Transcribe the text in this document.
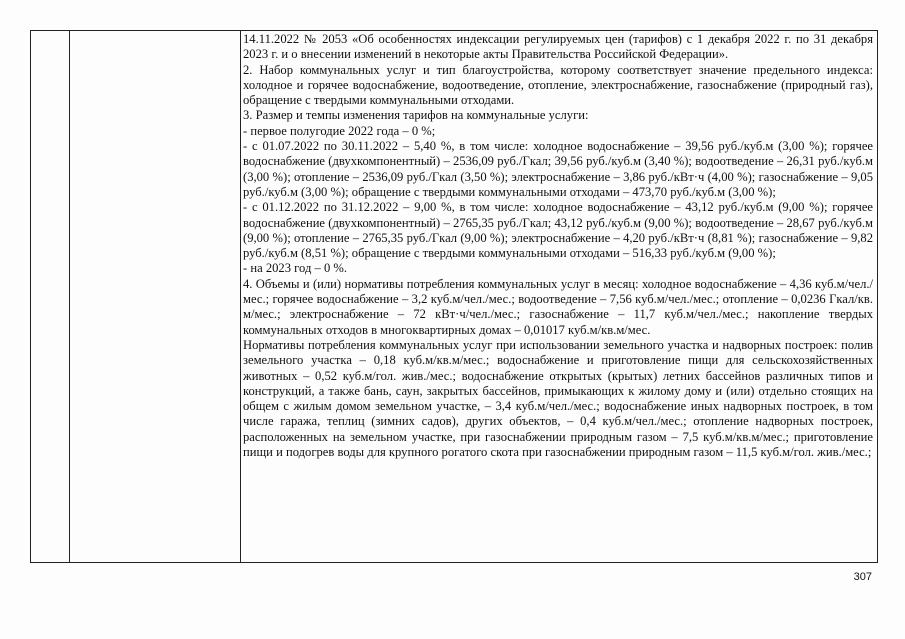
14.11.2022 № 2053 «Об особенностях индексации регулируемых цен (тарифов) с 1 декабря 2022 г. по 31 декабря 2023 г. и о внесении изменений в некоторые акты Правительства Российской Федерации».

2. Набор коммунальных услуг и тип благоустройства, которому соответствует значение предельного индекса: холодное и горячее водоснабжение, водоотведение, отопление, электроснабжение, газоснабжение (природный газ), обращение с твердыми коммунальными отходами.

3. Размер и темпы изменения тарифов на коммунальные услуги:

- первое полугодие 2022 года – 0 %;

- с 01.07.2022 по 30.11.2022 – 5,40 %, в том числе: холодное водоснабжение – 39,56 руб./куб.м (3,00 %); горячее водоснабжение (двухкомпонентный) – 2536,09 руб./Гкал; 39,56 руб./куб.м (3,40 %); водоотведение – 26,31 руб./куб.м (3,00 %); отопление – 2536,09 руб./Гкал (3,50 %); электроснабжение – 3,86 руб./кВт·ч (4,00 %); газоснабжение – 9,05 руб./куб.м (3,00 %); обращение с твердыми коммунальными отходами – 473,70 руб./куб.м (3,00 %);

- с 01.12.2022 по 31.12.2022 – 9,00 %, в том числе: холодное водоснабжение – 43,12 руб./куб.м (9,00 %); горячее водоснабжение (двухкомпонентный) – 2765,35 руб./Гкал; 43,12 руб./куб.м (9,00 %); водоотведение – 28,67 руб./куб.м (9,00 %); отопление – 2765,35 руб./Гкал (9,00 %); электроснабжение – 4,20 руб./кВт·ч (8,81 %); газоснабжение – 9,82 руб./куб.м (8,51 %); обращение с твердыми коммунальными отходами – 516,33 руб./куб.м (9,00 %);

- на 2023 год – 0 %.

4. Объемы и (или) нормативы потребления коммунальных услуг в месяц: холодное водоснабжение – 4,36 куб.м/чел./мес.; горячее водоснабжение – 3,2 куб.м/чел./мес.; водоотведение – 7,56 куб.м/чел./мес.; отопление – 0,0236 Гкал/кв. м/мес.; электроснабжение – 72 кВт·ч/чел./мес.; газоснабжение – 11,7 куб.м/чел./мес.; накопление твердых коммунальных отходов в многоквартирных домах – 0,01017 куб.м/кв.м/мес.

Нормативы потребления коммунальных услуг при использовании земельного участка и надворных построек: полив земельного участка – 0,18 куб.м/кв.м/мес.; водоснабжение и приготовление пищи для сельскохозяйственных животных – 0,52 куб.м/гол. жив./мес.; водоснабжение открытых (крытых) летних бассейнов различных типов и конструкций, а также бань, саун, закрытых бассейнов, примыкающих к жилому дому и (или) отдельно стоящих на общем с жилым домом земельном участке, – 3,4 куб.м/чел./мес.; водоснабжение иных надворных построек, в том числе гаража, теплиц (зимних садов), других объектов, – 0,4 куб.м/чел./мес.; отопление надворных построек, расположенных на земельном участке, при газоснабжении природным газом – 7,5 куб.м/кв.м/мес.; приготовление пищи и подогрев воды для крупного рогатого скота при газоснабжении природным газом – 11,5 куб.м/гол. жив./мес.;

307
